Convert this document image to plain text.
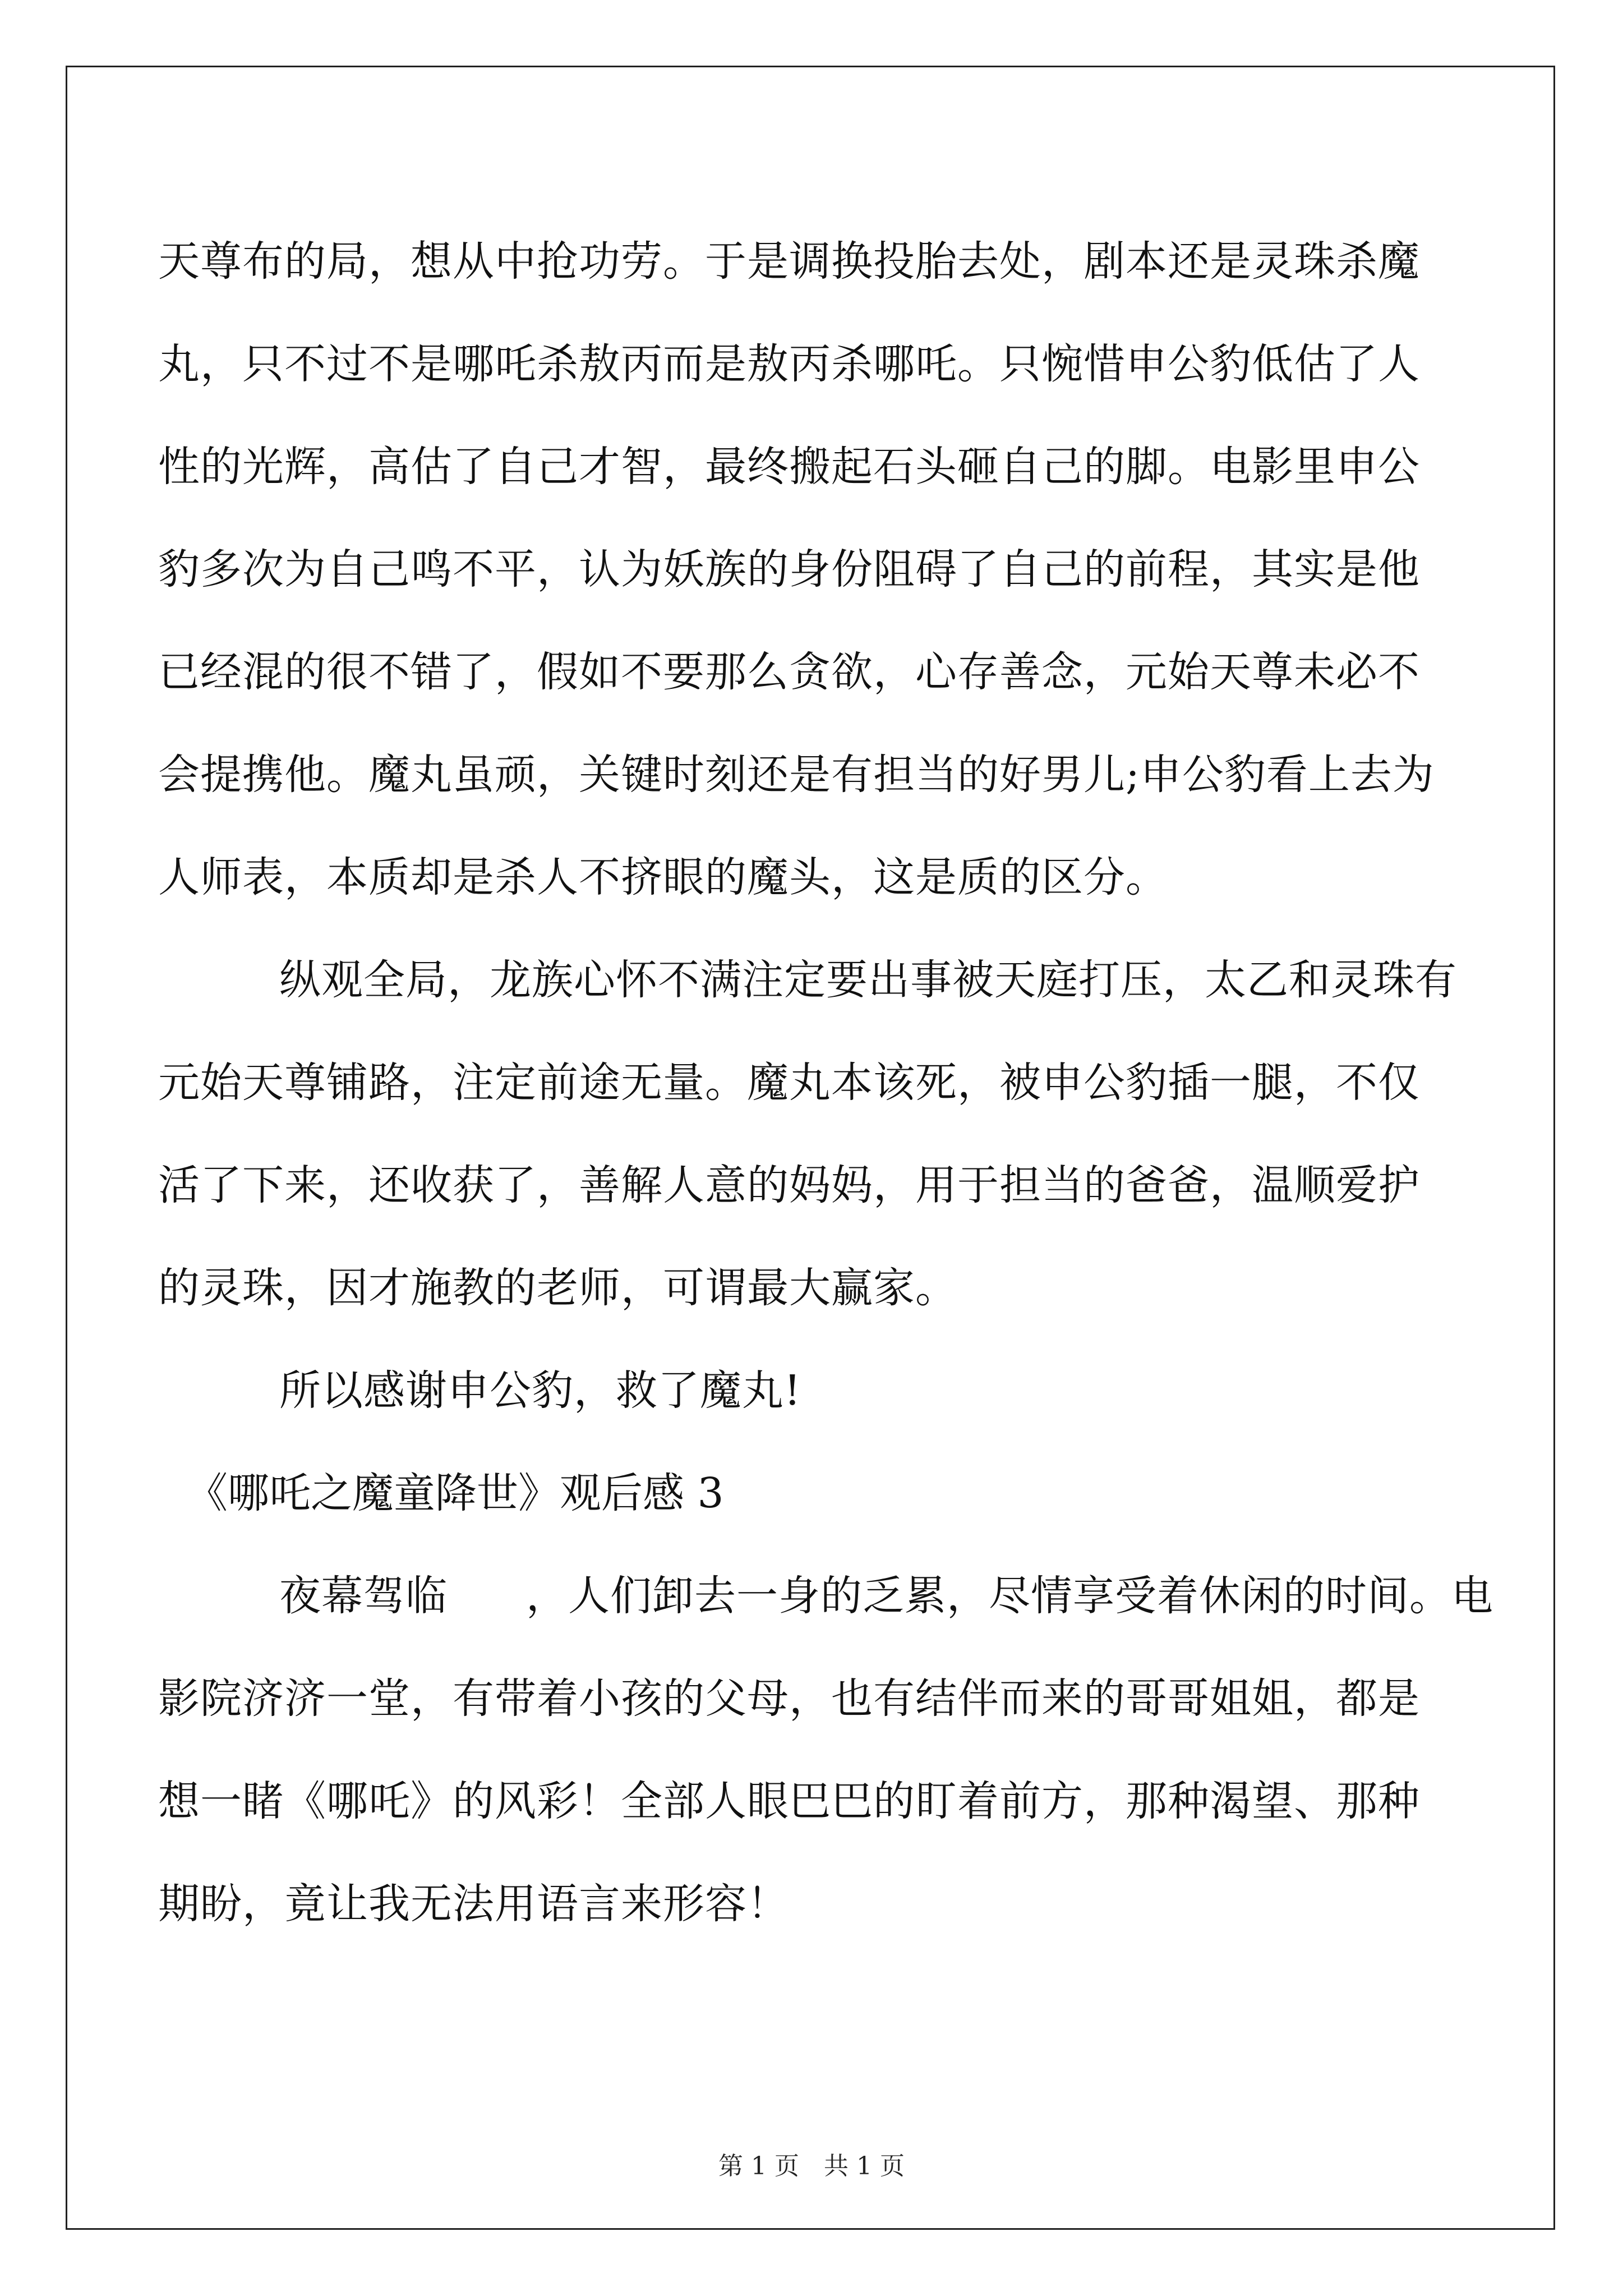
天尊布的局，想从中抢功劳。于是调换投胎去处，剧本还是灵珠杀魔
丸，只不过不是哪吒杀敖丙而是敖丙杀哪吒。只惋惜申公豹低估了人
性的光辉，高估了自己才智，最终搬起石头砸自己的脚。电影里申公
豹多次为自己鸣不平，认为妖族的身份阻碍了自己的前程，其实是他
已经混的很不错了，假如不要那么贪欲，心存善念，元始天尊未必不
会提携他。魔丸虽顽，关键时刻还是有担当的好男儿;申公豹看上去为
人师表，本质却是杀人不挤眼的魔头，这是质的区分。
纵观全局，龙族心怀不满注定要出事被天庭打压，太乙和灵珠有
元始天尊铺路，注定前途无量。魔丸本该死，被申公豹插一腿，不仅
活了下来，还收获了，善解人意的妈妈，用于担当的爸爸，温顺爱护
的灵珠，因才施教的老师，可谓最大赢家。
所以感谢申公豹，救了魔丸!
《哪吒之魔童降世》观后感 3
夜幕驾临 ，人们卸去一身的乏累，尽情享受着休闲的时间。电
影院济济一堂，有带着小孩的父母，也有结伴而来的哥哥姐姐，都是
想一睹《哪吒》的风彩！全部人眼巴巴的盯着前方，那种渴望、那种
期盼，竟让我无法用语言来形容！
第 1 页 共 1 页
